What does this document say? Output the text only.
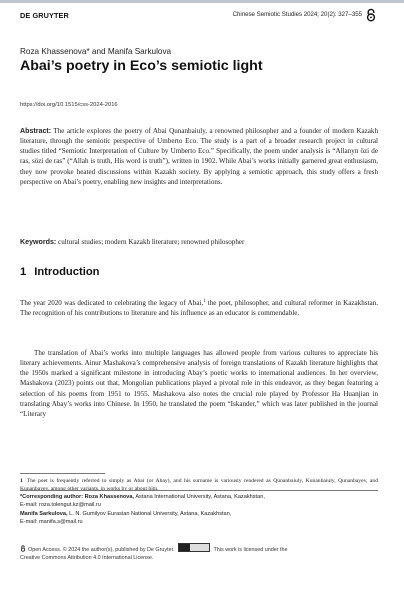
DE GRUYTER	Chinese Semiotic Studies 2024; 20(2): 327–355
Roza Khassenova* and Manifa Sarkulova
Abai’s poetry in Eco’s semiotic light
https://doi.org/10.1515/css-2024-2016
Abstract: The article explores the poetry of Abai Qunanbaiuly, a renowned philosopher and a founder of modern Kazakh literature, through the semiotic perspective of Umberto Eco. The study is a part of a broader research project in cultural studies titled “Semiotic Interpretation of Culture by Umberto Eco.” Specifically, the poem under analysis is “Allanyn özi de ras, sözi de ras” (“Allah is truth, His word is truth”), written in 1902. While Abai’s works initially garnered great enthusiasm, they now provoke heated discussions within Kazakh society. By applying a semiotic approach, this study offers a fresh perspective on Abai’s poetry, enabling new insights and interpretations.
Keywords: cultural studies; modern Kazakh literature; renowned philosopher
1 Introduction
The year 2020 was dedicated to celebrating the legacy of Abai,$^1$ the poet, philosopher, and cultural reformer in Kazakhstan. The recognition of his contributions to literature and his influence as an educator is commendable.
The translation of Abai’s works into multiple languages has allowed people from various cultures to appreciate his literary achievements. Ainur Mashakova’s comprehensive analysis of foreign translations of Kazakh literature highlights that the 1950s marked a significant milestone in introducing Abay’s poetic works to international audiences. In her overview, Mashakova (2023) points out that, Mongolian publications played a pivotal role in this endeavor, as they began featuring a selection of his poems from 1951 to 1955. Mashakova also notes the crucial role played by Professor Ha Huanjian in translating Abay’s works into Chinese. In 1950, he translated the poem “Iskander,” which was later published in the journal “Literary
1 The poet is frequently referred to simply as Abai (or Abay), and his surname is variously rendered as Qunanbaiuly, Kunanbaiuly, Qunanbayev, and Kunanbayev, among other variants, in works by or about him.
*Corresponding author: Roza Khassenova, Astana International University, Astana, Kazakhstan,
E-mail: roza.tolengut.kz@mail.ru
Manifa Sarkulova, L. N. Gumilyov Eurasian National University, Astana, Kazakhstan,
E-mail: manifa.s@mail.ru
Open Access. © 2024 the author(s), published by De Gruyter.	This work is licensed under the
Creative Commons Attribution 4.0 International License.
